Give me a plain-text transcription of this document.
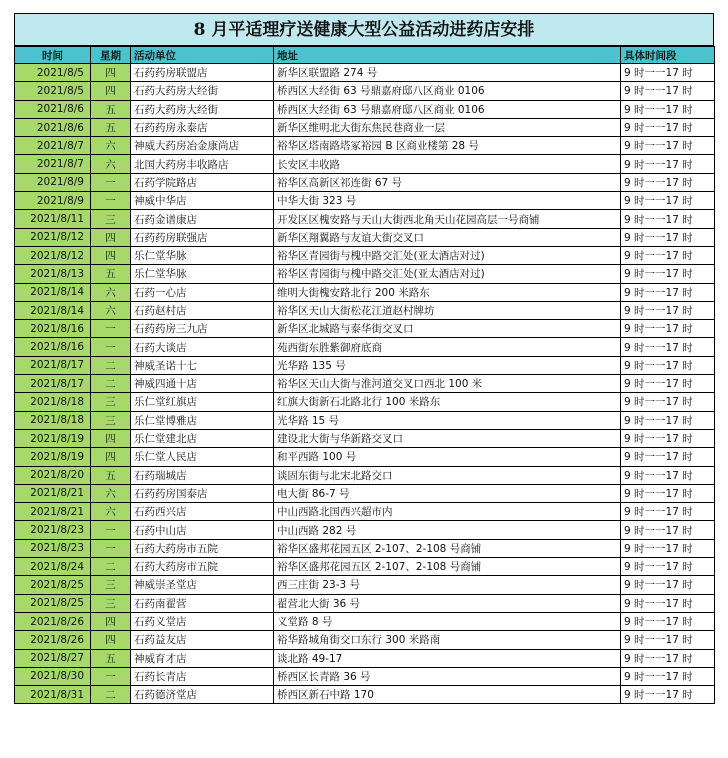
8 月平适理疗送健康大型公益活动进药店安排
时间	星期	活动单位	地址	具体时间段
2021/8/5	四	石药药房联盟店	新华区联盟路 274 号	9 时一一17 时
2021/8/5	四	石药大药房大经街	桥西区大经街 63 号鼎嘉府邸八区商业 0106	9 时一一17 时
2021/8/6	五	石药大药房大经街	桥西区大经街 63 号鼎嘉府邸八区商业 0106	9 时一一17 时
2021/8/6	五	石药药房永泰店	新华区维明北大街东焦民巷商业一层	9 时一一17 时
2021/8/7	六	神威大药房冶金康尚店	裕华区塔南路塔冢裕园 B 区商业楼第 28 号	9 时一一17 时
2021/8/7	六	北国大药房丰收路店	长安区丰收路	9 时一一17 时
2021/8/9	一	石药学院路店	裕华区高新区祁连街 67 号	9 时一一17 时
2021/8/9	一	神威中华店	中华大街 323 号	9 时一一17 时
2021/8/11	三	石药金谱康店	开发区区槐安路与天山大街西北角天山花园高层一号商铺	9 时一一17 时
2021/8/12	四	石药药房联强店	新华区翔翼路与友谊大街交叉口	9 时一一17 时
2021/8/12	四	乐仁堂华脉	裕华区青园街与槐中路交汇处(亚太酒店对过)	9 时一一17 时
2021/8/13	五	乐仁堂华脉	裕华区青园街与槐中路交汇处(亚太酒店对过)	9 时一一17 时
2021/8/14	六	石药一心店	维明大街槐安路北行 200 米路东	9 时一一17 时
2021/8/14	六	石药赵村店	裕华区天山大街松花江道赵村牌坊	9 时一一17 时
2021/8/16	一	石药药房三九店	新华区北城路与泰华街交叉口	9 时一一17 时
2021/8/16	一	石药大谈店	苑西街东胜紫御府底商	9 时一一17 时
2021/8/17	二	神威圣诺十七	光华路 135 号	9 时一一17 时
2021/8/17	二	神威四通十店	裕华区天山大街与淮河道交叉口西北 100 米	9 时一一17 时
2021/8/18	三	乐仁堂红旗店	红旗大街新石北路北行 100 米路东	9 时一一17 时
2021/8/18	三	乐仁堂博雅店	光华路 15 号	9 时一一17 时
2021/8/19	四	乐仁堂建北店	建设北大街与华新路交叉口	9 时一一17 时
2021/8/19	四	乐仁堂人民店	和平西路 100 号	9 时一一17 时
2021/8/20	五	石药瑞城店	谈固东街与北宋北路交口	9 时一一17 时
2021/8/21	六	石药药房国泰店	电大街 86-7 号	9 时一一17 时
2021/8/21	六	石药西兴店	中山西路北国西兴超市内	9 时一一17 时
2021/8/23	一	石药中山店	中山西路 282 号	9 时一一17 时
2021/8/23	一	石药大药房市五院	裕华区盛邦花园五区 2-107、2-108 号商铺	9 时一一17 时
2021/8/24	二	石药大药房市五院	裕华区盛邦花园五区 2-107、2-108 号商铺	9 时一一17 时
2021/8/25	三	神威崇圣堂店	西三庄街 23-3 号	9 时一一17 时
2021/8/25	三	石药南翟营	翟营北大街 36 号	9 时一一17 时
2021/8/26	四	石药义堂店	义堂路 8 号	9 时一一17 时
2021/8/26	四	石药益友店	裕华路城角街交口东行 300 米路南	9 时一一17 时
2021/8/27	五	神威育才店	谈北路 49-17	9 时一一17 时
2021/8/30	一	石药长青店	桥西区长青路 36 号	9 时一一17 时
2021/8/31	二	石药德济堂店	桥西区新石中路 170	9 时一一17 时
